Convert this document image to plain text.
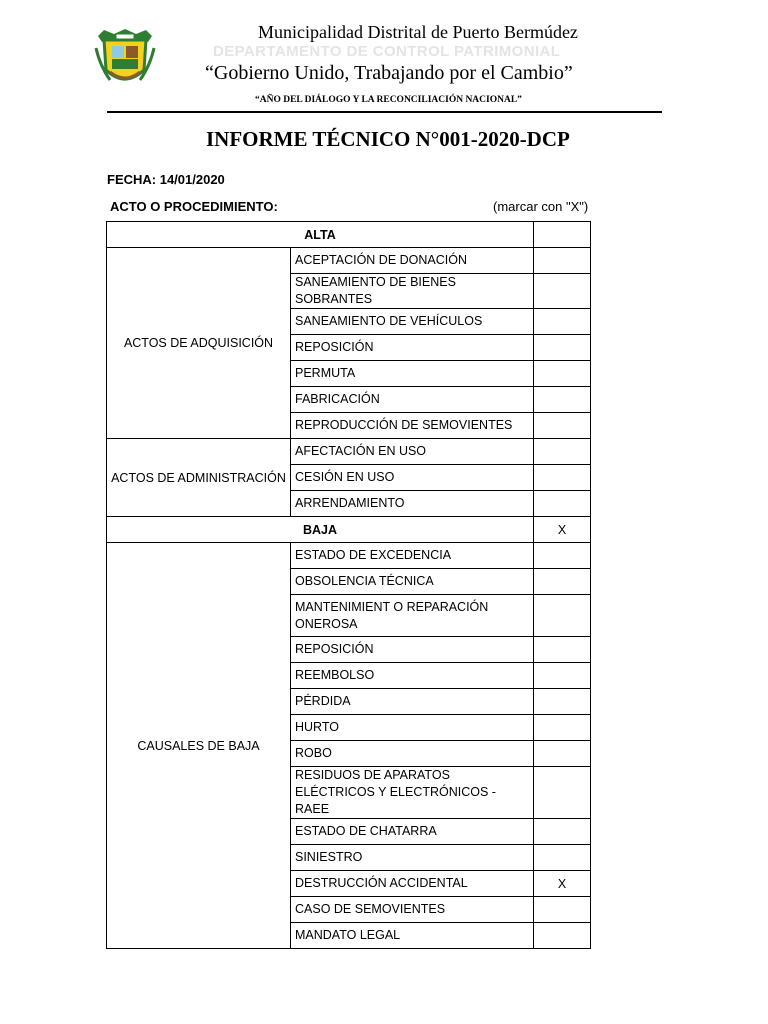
Municipalidad Distrital de Puerto Bermúdez
DEPARTAMENTO DE CONTROL PATRIMONIAL
“Gobierno Unido, Trabajando por el Cambio”
“AÑO DEL DIÁLOGO Y LA RECONCILIACIÓN NACIONAL”
INFORME TÉCNICO N°001-2020-DCP
FECHA: 14/01/2020
ACTO O PROCEDIMIENTO:	(marcar con "X")
ALTA		
ACTOS DE ADQUISICIÓN	ACEPTACIÓN DE DONACIÓN	
	SANEAMIENTO DE BIENES SOBRANTES	
	SANEAMIENTO DE VEHÍCULOS	
	REPOSICIÓN	
	PERMUTA	
	FABRICACIÓN	
	REPRODUCCIÓN DE SEMOVIENTES	
ACTOS DE ADMINISTRACIÓN	AFECTACIÓN EN USO	
	CESIÓN EN USO	
	ARRENDAMIENTO	
BAJA		X
CAUSALES DE BAJA	ESTADO DE EXCEDENCIA	
	OBSOLENCIA TÉCNICA	
	MANTENIMIENT O REPARACIÓN ONEROSA	
	REPOSICIÓN	
	REEMBOLSO	
	PÉRDIDA	
	HURTO	
	ROBO	
	RESIDUOS DE APARATOS ELÉCTRICOS Y ELECTRÓNICOS - RAEE	
	ESTADO DE CHATARRA	
	SINIESTRO	
	DESTRUCCIÓN ACCIDENTAL	X
	CASO DE SEMOVIENTES	
	MANDATO LEGAL	
